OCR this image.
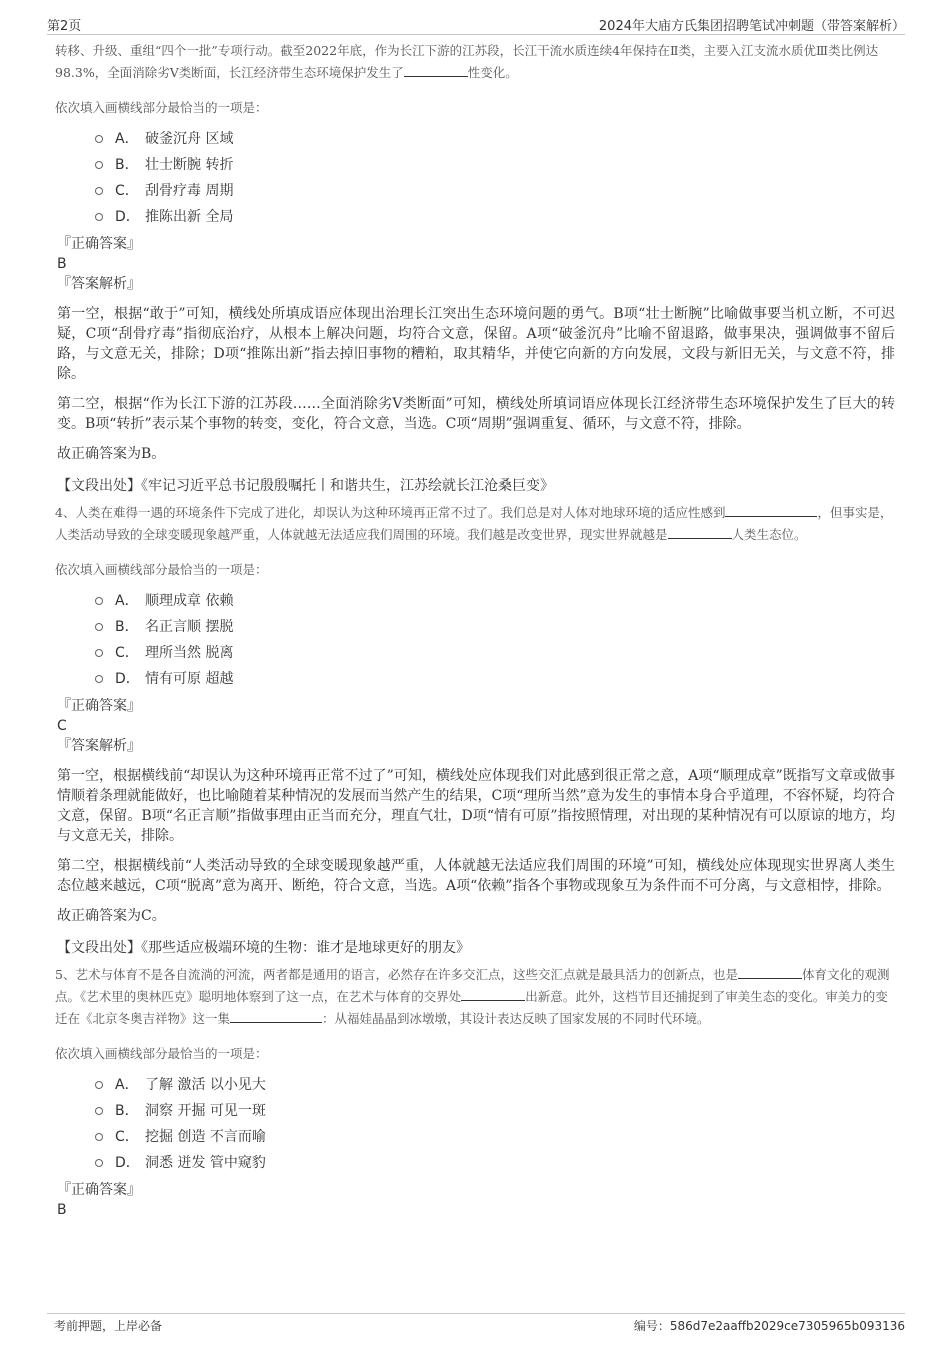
第2页	2024年大庙方氏集团招聘笔试冲刺题（带答案解析）

转移、升级、重组“四个一批”专项行动。截至2022年底，作为长江下游的江苏段，长江干流水质连续4年保持在Ⅱ类，主要入江支流水质优Ⅲ类比例达98.3%，全面消除劣Ⅴ类断面，长江经济带生态环境保护发生了	性变化。

依次填入画横线部分最恰当的一项是：

A． 破釜沉舟 区域
B． 壮士断腕 转折
C． 刮骨疗毒 周期
D． 推陈出新 全局
『正确答案』
B
『答案解析』

第一空，根据“敢于”可知，横线处所填成语应体现出治理长江突出生态环境问题的勇气。B项“壮士断腕”比喻做事要当机立断，不可迟疑，C项“刮骨疗毒”指彻底治疗，从根本上解决问题，均符合文意，保留。A项“破釜沉舟”比喻不留退路，做事果决，强调做事不留后路，与文意无关，排除；D项“推陈出新”指去掉旧事物的糟粕，取其精华，并使它向新的方向发展，文段与新旧无关，与文意不符，排除。

第二空，根据“作为长江下游的江苏段……全面消除劣Ⅴ类断面”可知，横线处所填词语应体现长江经济带生态环境保护发生了巨大的转变。B项“转折”表示某个事物的转变，变化，符合文意，当选。C项“周期”强调重复、循环，与文意不符，排除。

故正确答案为B。

【文段出处】《牢记习近平总书记殷殷嘱托丨和谐共生，江苏绘就长江沧桑巨变》

4、人类在难得一遇的环境条件下完成了进化，却误认为这种环境再正常不过了。我们总是对人体对地球环境的适应性感到	，但事实是，人类活动导致的全球变暖现象越严重，人体就越无法适应我们周围的环境。我们越是改变世界，现实世界就越是	人类生态位。

依次填入画横线部分最恰当的一项是：

A． 顺理成章 依赖
B． 名正言顺 摆脱
C． 理所当然 脱离
D． 情有可原 超越
『正确答案』
C
『答案解析』

第一空，根据横线前“却误认为这种环境再正常不过了”可知，横线处应体现我们对此感到很正常之意，A项“顺理成章”既指写文章或做事情顺着条理就能做好，也比喻随着某种情况的发展而当然产生的结果，C项“理所当然”意为发生的事情本身合乎道理，不容怀疑，均符合文意，保留。B项“名正言顺”指做事理由正当而充分，理直气壮，D项“情有可原”指按照情理，对出现的某种情况有可以原谅的地方，均与文意无关，排除。

第二空，根据横线前“人类活动导致的全球变暖现象越严重，人体就越无法适应我们周围的环境”可知，横线处应体现现实世界离人类生态位越来越远，C项“脱离”意为离开、断绝，符合文意，当选。A项“依赖”指各个事物或现象互为条件而不可分离，与文意相悖，排除。

故正确答案为C。

【文段出处】《那些适应极端环境的生物：谁才是地球更好的朋友》

5、艺术与体育不是各自流淌的河流，两者都是通用的语言，必然存在许多交汇点，这些交汇点就是最具活力的创新点，也是	体育文化的观测点。《艺术里的奥林匹克》聪明地体察到了这一点，在艺术与体育的交界处	出新意。此外，这档节目还捕捉到了审美生态的变化。审美力的变迁在《北京冬奥吉祥物》这一集	：从福娃晶晶到冰墩墩，其设计表达反映了国家发展的不同时代环境。

依次填入画横线部分最恰当的一项是：

A． 了解 激活 以小见大
B． 洞察 开掘 可见一斑
C． 挖掘 创造 不言而喻
D． 洞悉 迸发 管中窥豹
『正确答案』
B
考前押题，上岸必备	编号：586d7e2aaffb2029ce7305965b093136
